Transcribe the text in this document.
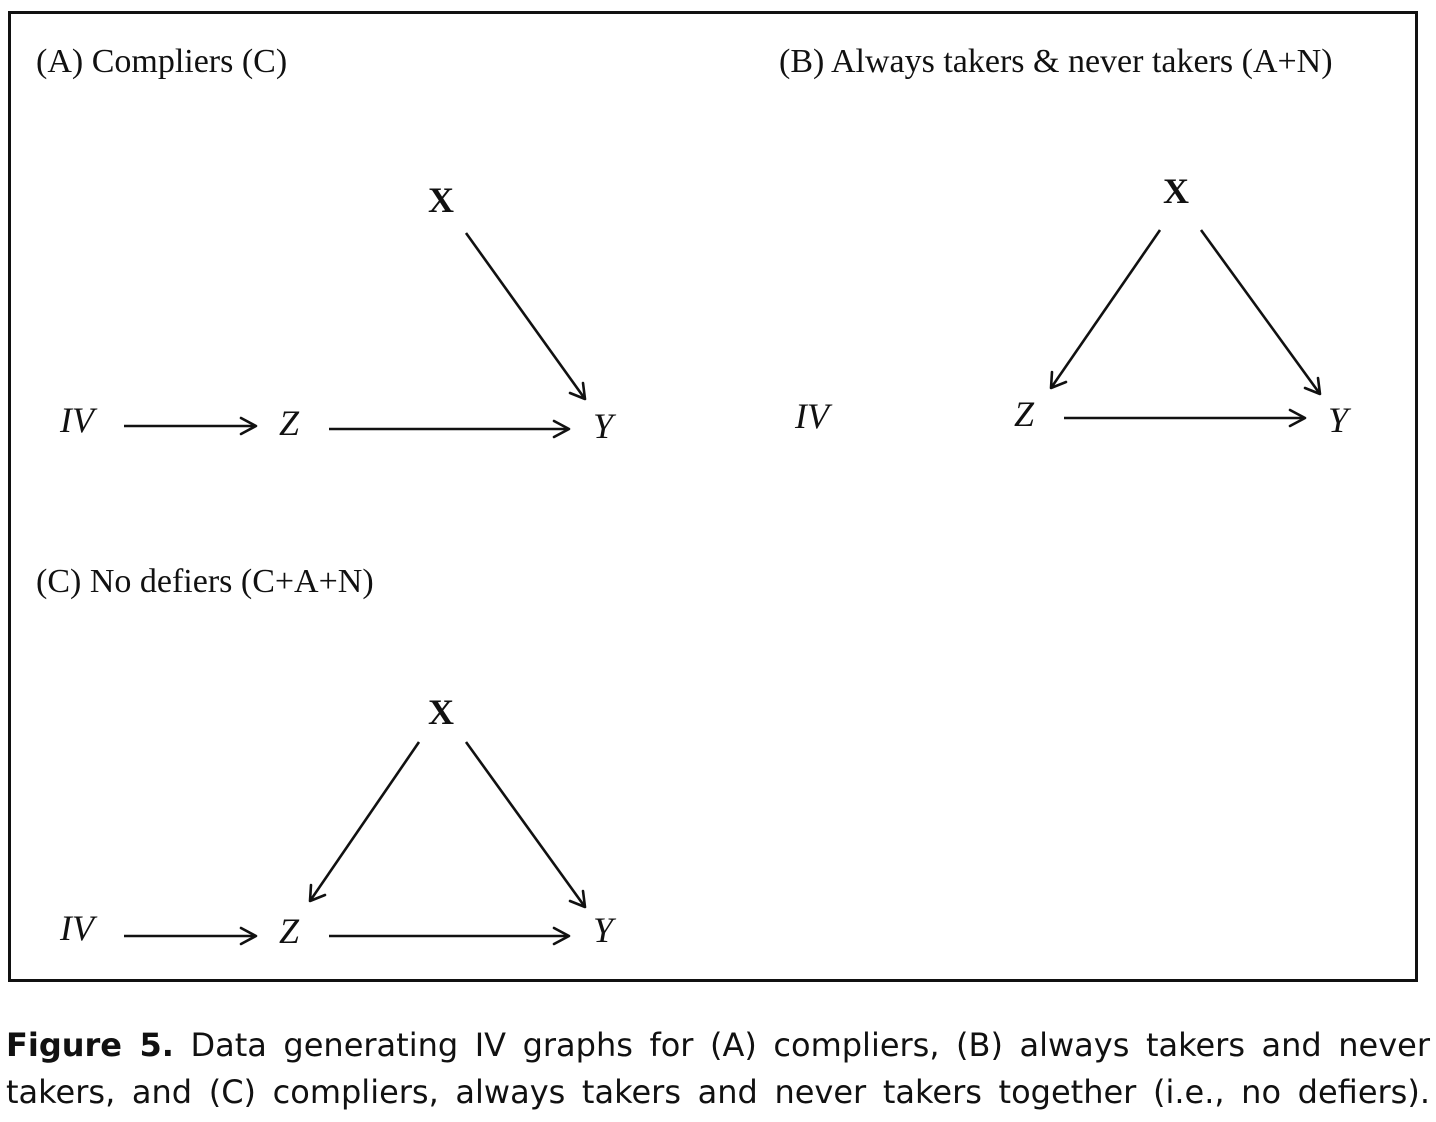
(A) Compliers (C)
X
IV	Z	Y
(B) Always takers & never takers (A+N)
X
IV	Z	Y
(C) No defiers (C+A+N)
X
IV	Z	Y
Figure 5. Data generating IV graphs for (A) compliers, (B) always takers and never
takers, and (C) compliers, always takers and never takers together (i.e., no defiers).
